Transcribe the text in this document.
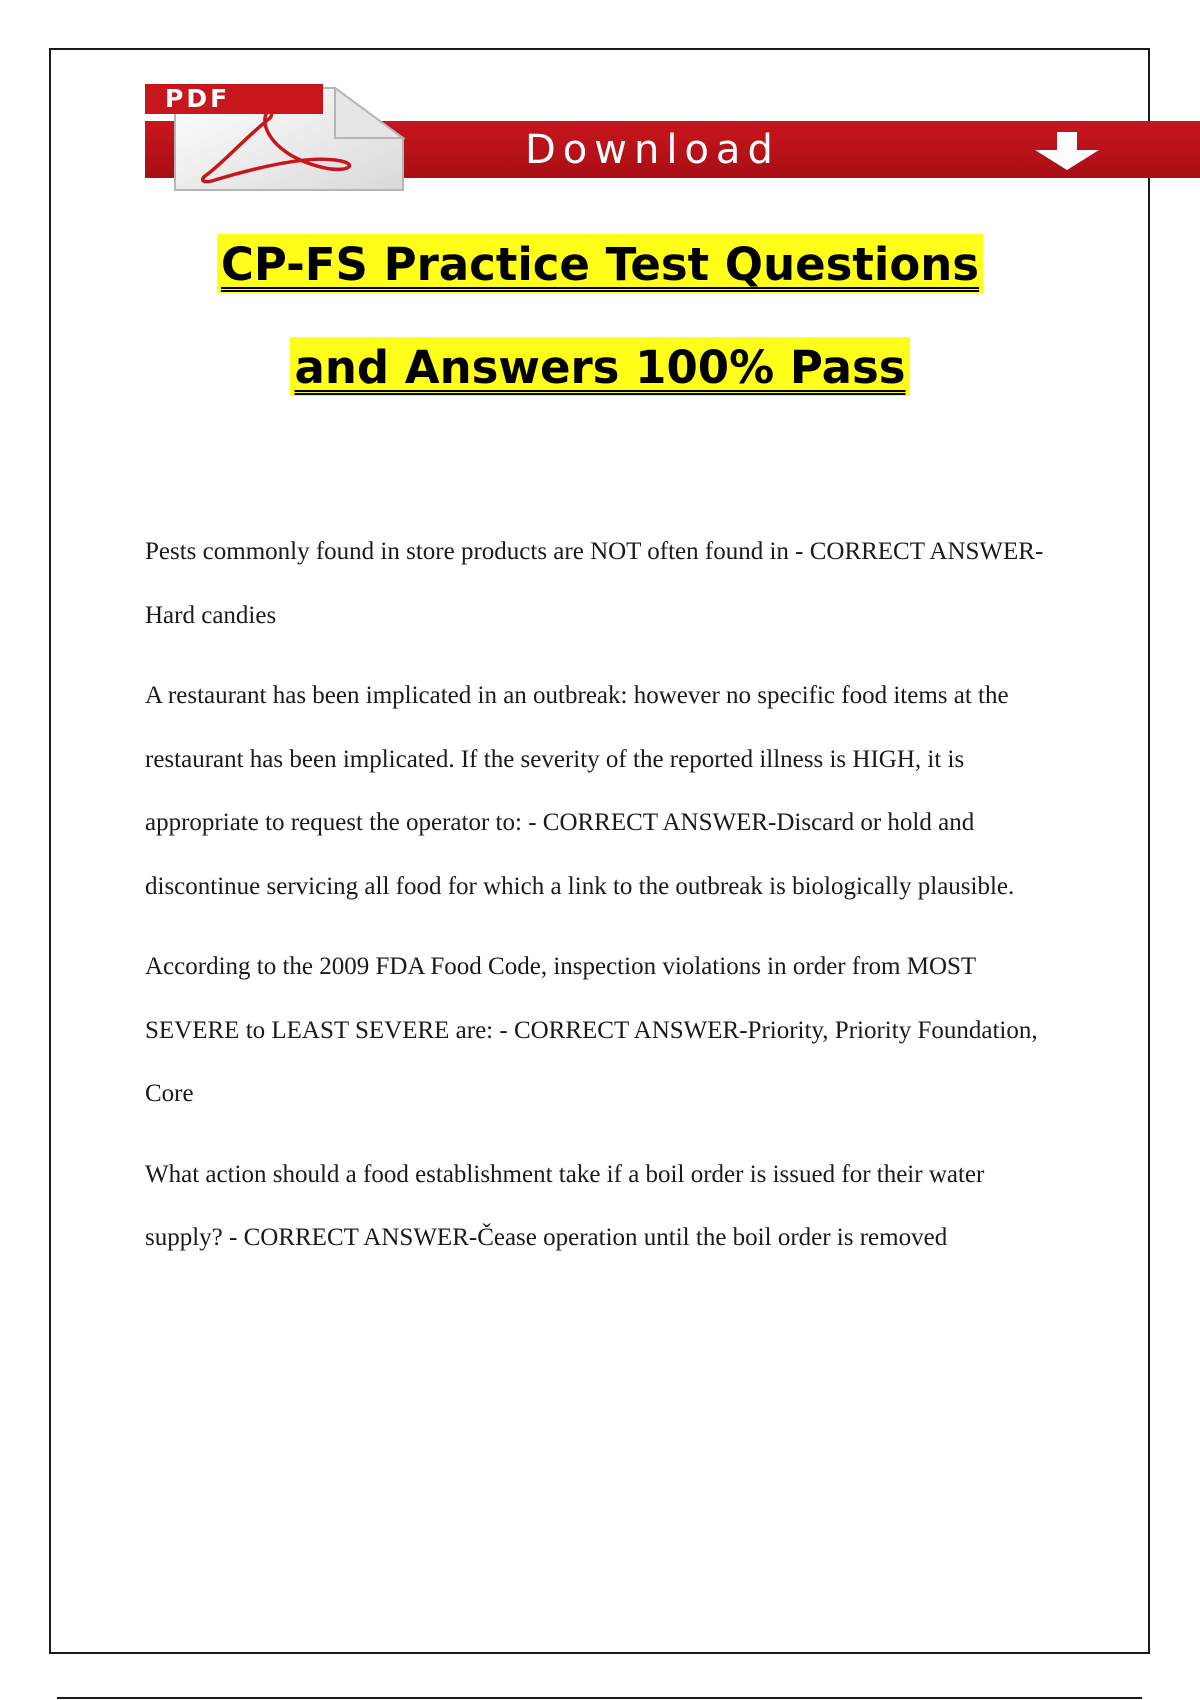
Download
PDF
CP-FS Practice Test Questions
and Answers 100% Pass

Pests commonly found in store products are NOT often found in - CORRECT ANSWER-Hard candies

A restaurant has been implicated in an outbreak: however no specific food items at the restaurant has been implicated. If the severity of the reported illness is HIGH, it is appropriate to request the operator to: - CORRECT ANSWER-Discard or hold and discontinue servicing all food for which a link to the outbreak is biologically plausible.

According to the 2009 FDA Food Code, inspection violations in order from MOST SEVERE to LEAST SEVERE are: - CORRECT ANSWER-Priority, Priority Foundation, Core

What action should a food establishment take if a boil order is issued for their water supply? - CORRECT ANSWER-Čease operation until the boil order is removed
